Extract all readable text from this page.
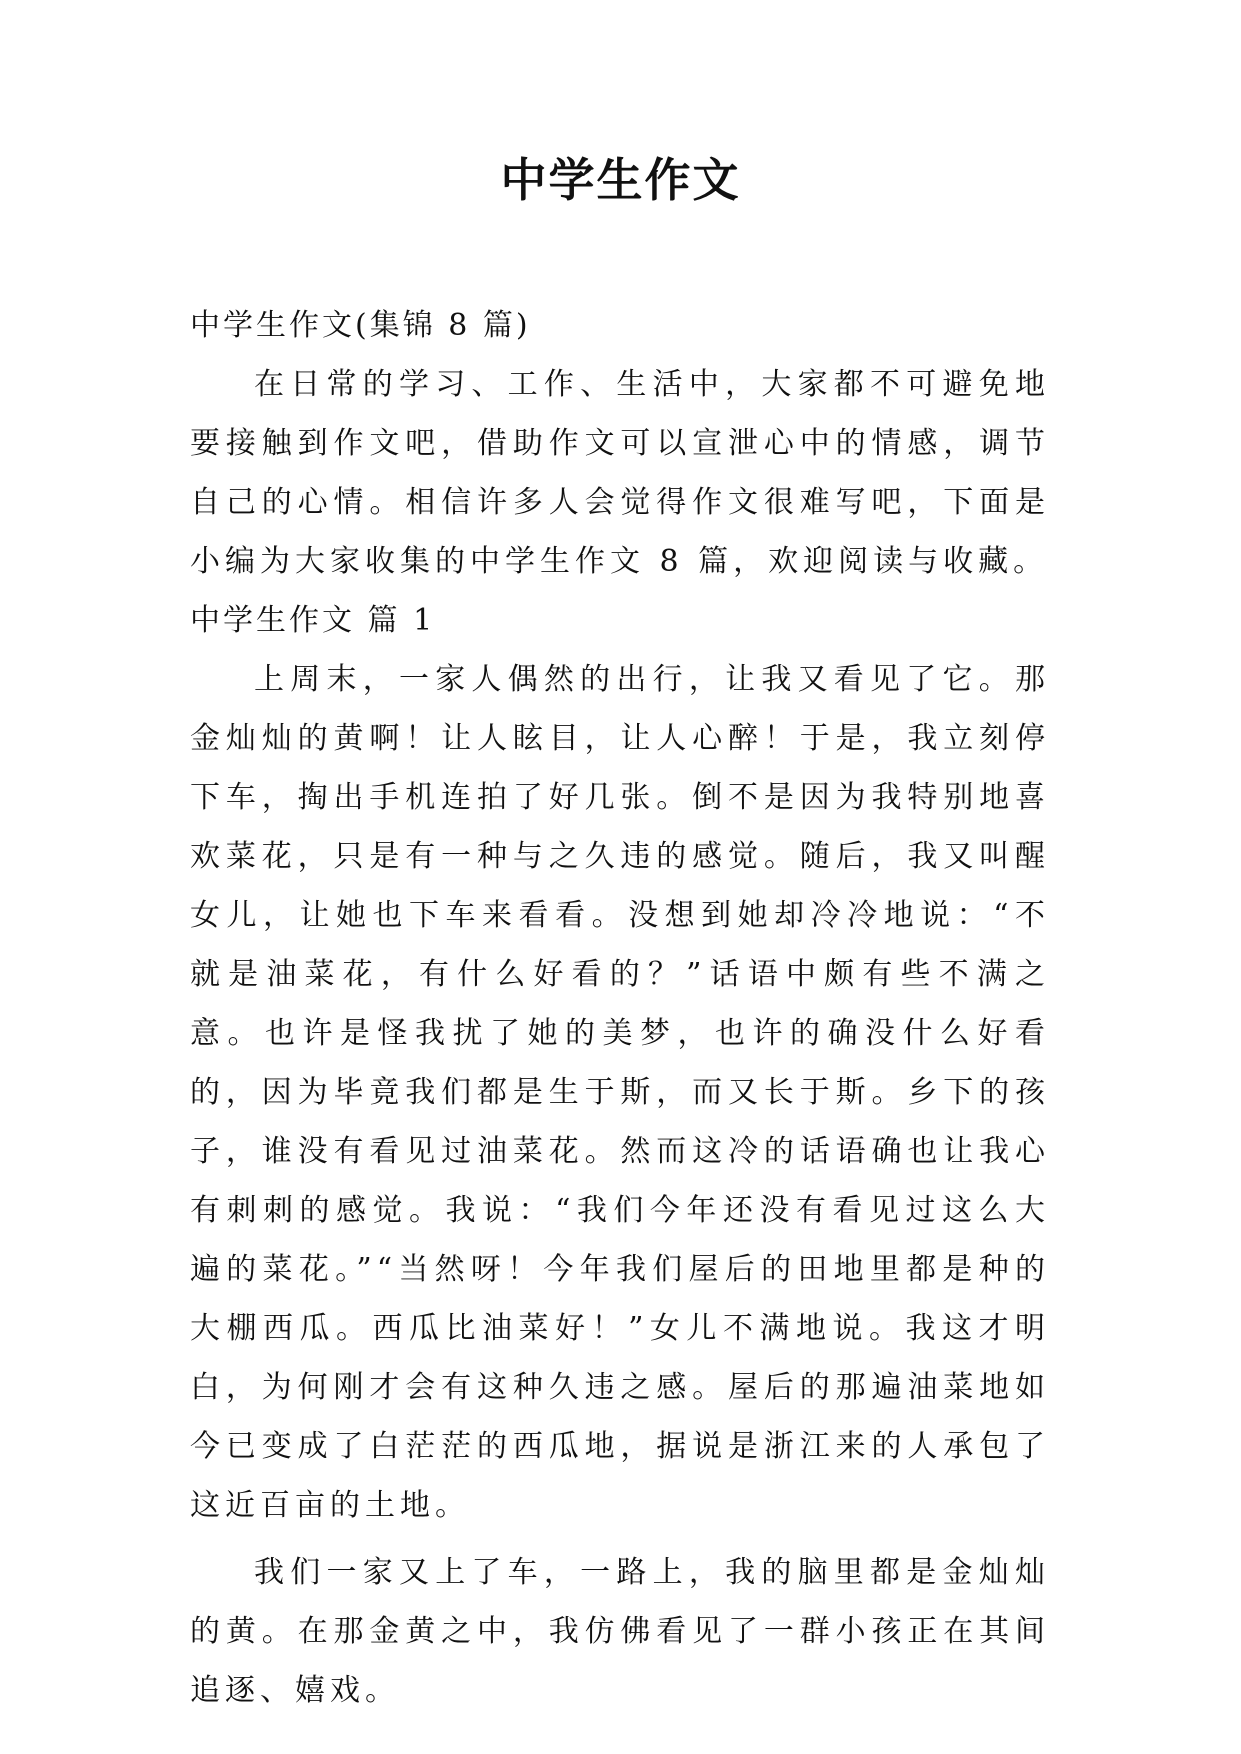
中学生作文
中学生作文(集锦 8 篇)

在日常的学习、工作、生活中，大家都不可避免地要接触到作文吧，借助作文可以宣泄心中的情感，调节自己的心情。相信许多人会觉得作文很难写吧，下面是小编为大家收集的中学生作文 8 篇，欢迎阅读与收藏。

中学生作文 篇 1

上周末，一家人偶然的出行，让我又看见了它。那金灿灿的黄啊！让人眩目，让人心醉！于是，我立刻停下车，掏出手机连拍了好几张。倒不是因为我特别地喜欢菜花，只是有一种与之久违的感觉。随后，我又叫醒女儿，让她也下车来看看。没想到她却冷冷地说：“不就是油菜花，有什么好看的？”话语中颇有些不满之意。也许是怪我扰了她的美梦，也许的确没什么好看的，因为毕竟我们都是生于斯，而又长于斯。乡下的孩子，谁没有看见过油菜花。然而这冷的话语确也让我心有刺刺的感觉。我说：“我们今年还没有看见过这么大遍的菜花。”“当然呀！今年我们屋后的田地里都是种的大棚西瓜。西瓜比油菜好！”女儿不满地说。我这才明白，为何刚才会有这种久违之感。屋后的那遍油菜地如今已变成了白茫茫的西瓜地，据说是浙江来的人承包了这近百亩的土地。

我们一家又上了车，一路上，我的脑里都是金灿灿的黄。在那金黄之中，我仿佛看见了一群小孩正在其间追逐、嬉戏。
